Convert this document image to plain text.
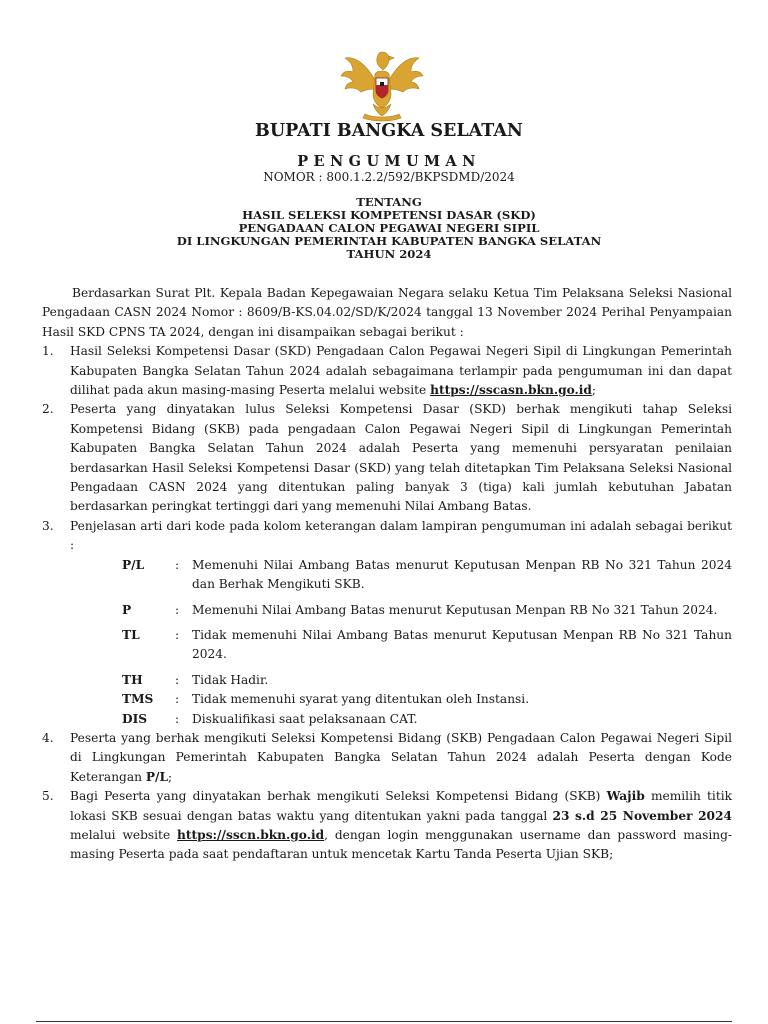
BUPATI BANGKA SELATAN
PENGUMUMAN
NOMOR : 800.1.2.2/592/BKPSDMD/2024
TENTANG
HASIL SELEKSI KOMPETENSI DASAR (SKD)
PENGADAAN CALON PEGAWAI NEGERI SIPIL
DI LINGKUNGAN PEMERINTAH KABUPATEN BANGKA SELATAN
TAHUN 2024

Berdasarkan Surat Plt. Kepala Badan Kepegawaian Negara selaku Ketua Tim Pelaksana Seleksi Nasional Pengadaan CASN 2024 Nomor : 8609/B-KS.04.02/SD/K/2024 tanggal 13 November 2024 Perihal Penyampaian Hasil SKD CPNS TA 2024, dengan ini disampaikan sebagai berikut :

1. Hasil Seleksi Kompetensi Dasar (SKD) Pengadaan Calon Pegawai Negeri Sipil di Lingkungan Pemerintah Kabupaten Bangka Selatan Tahun 2024 adalah sebagaimana terlampir pada pengumuman ini dan dapat dilihat pada akun masing-masing Peserta melalui website https://sscasn.bkn.go.id;

2. Peserta yang dinyatakan lulus Seleksi Kompetensi Dasar (SKD) berhak mengikuti tahap Seleksi Kompetensi Bidang (SKB) pada pengadaan Calon Pegawai Negeri Sipil di Lingkungan Pemerintah Kabupaten Bangka Selatan Tahun 2024 adalah Peserta yang memenuhi persyaratan penilaian berdasarkan Hasil Seleksi Kompetensi Dasar (SKD) yang telah ditetapkan Tim Pelaksana Seleksi Nasional Pengadaan CASN 2024 yang ditentukan paling banyak 3 (tiga) kali jumlah kebutuhan Jabatan berdasarkan peringkat tertinggi dari yang memenuhi Nilai Ambang Batas.

3. Penjelasan arti dari kode pada kolom keterangan dalam lampiran pengumuman ini adalah sebagai berikut :
P/L	:	Memenuhi Nilai Ambang Batas menurut Keputusan Menpan RB No 321 Tahun 2024 dan Berhak Mengikuti SKB.
P	:	Memenuhi Nilai Ambang Batas menurut Keputusan Menpan RB No 321 Tahun 2024.
TL	:	Tidak memenuhi Nilai Ambang Batas menurut Keputusan Menpan RB No 321 Tahun 2024.
TH	:	Tidak Hadir.
TMS	:	Tidak memenuhi syarat yang ditentukan oleh Instansi.
DIS	:	Diskualifikasi saat pelaksanaan CAT.

4. Peserta yang berhak mengikuti Seleksi Kompetensi Bidang (SKB) Pengadaan Calon Pegawai Negeri Sipil di Lingkungan Pemerintah Kabupaten Bangka Selatan Tahun 2024 adalah Peserta dengan Kode Keterangan P/L;

5. Bagi Peserta yang dinyatakan berhak mengikuti Seleksi Kompetensi Bidang (SKB) Wajib memilih titik lokasi SKB sesuai dengan batas waktu yang ditentukan yakni pada tanggal 23 s.d 25 November 2024 melalui website https://sscn.bkn.go.id, dengan login menggunakan username dan password masing-masing Peserta pada saat pendaftaran untuk mencetak Kartu Tanda Peserta Ujian SKB;
